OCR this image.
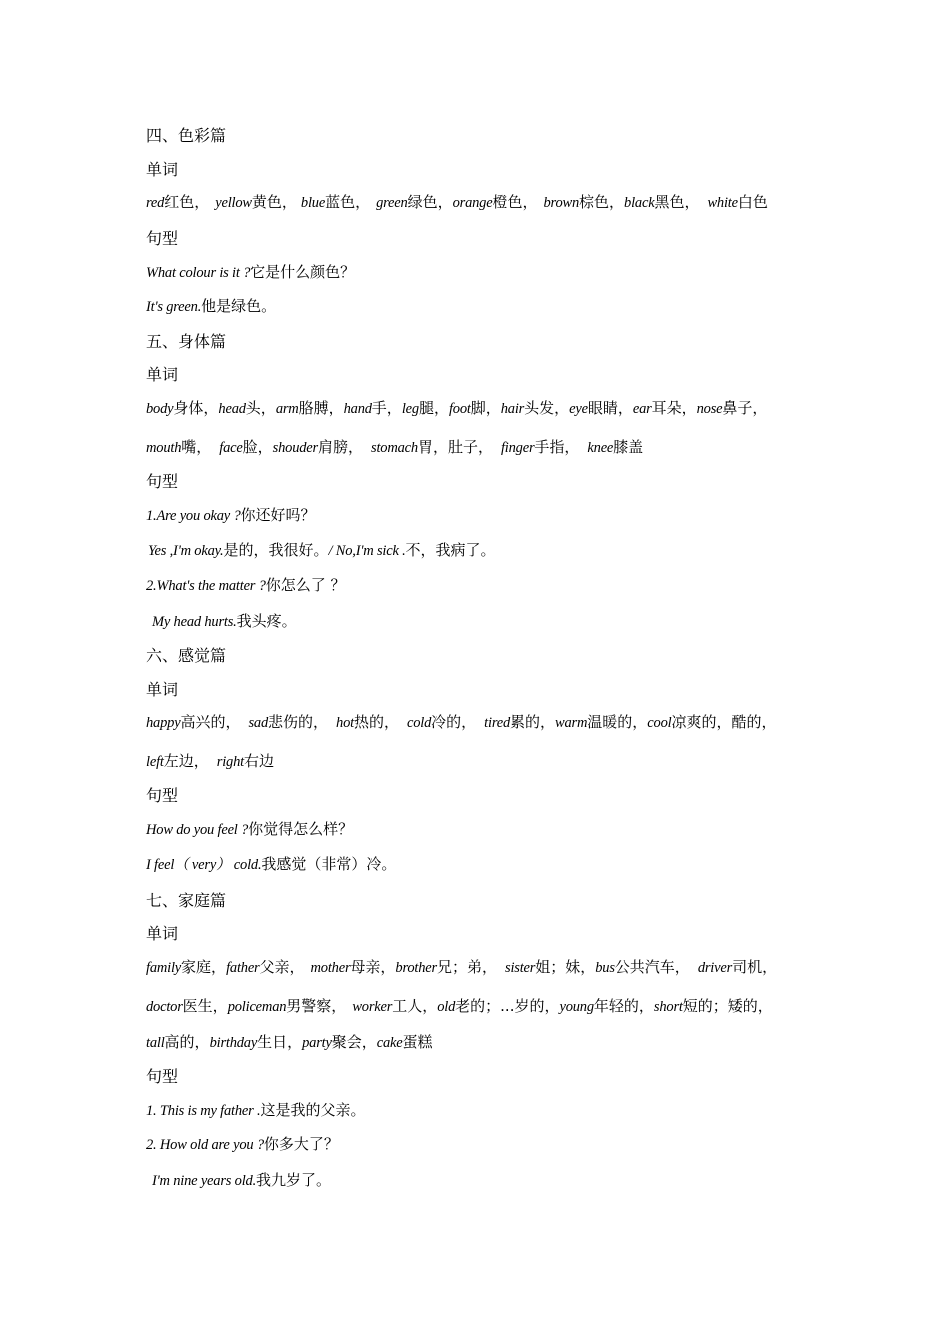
四、色彩篇
单词
red红色， yellow黄色， blue蓝色， green绿色，orange橙色， brown棕色，black黑色， white白色
句型
What colour is it ?它是什么颜色？
It's green.他是绿色。
五、身体篇
单词
body身体，head头，arm胳膊，hand手，leg腿，foot脚，hair头发，eye眼睛，ear耳朵，nose鼻子，
mouth嘴， face脸，shouder肩膀， stomach胃，肚子， finger手指， knee膝盖
句型
1.Are you okay ?你还好吗？
Yes ,I'm okay.是的，我很好。/ No,I'm sick .不，我病了。
2.What's the matter ?你怎么了 ？
My head hurts.我头疼。
六、感觉篇
单词
happy高兴的， sad悲伤的， hot热的， cold冷的， tired累的，warm温暖的，cool凉爽的，酷的，
left左边， right右边
句型
How do you feel ?你觉得怎么样？
I feel（ very） cold.我感觉（非常）冷。
七、家庭篇
单词
family家庭，father父亲， mother母亲，brother兄；弟， sister姐；妹，bus公共汽车， driver司机，
doctor医生，policeman男警察， worker工人，old老的；...岁的，young年轻的，short短的；矮的，
tall高的，birthday生日，party聚会，cake蛋糕
句型
1. This is my father .这是我的父亲。
2. How old are you ?你多大了？
I'm nine years old.我九岁了。
